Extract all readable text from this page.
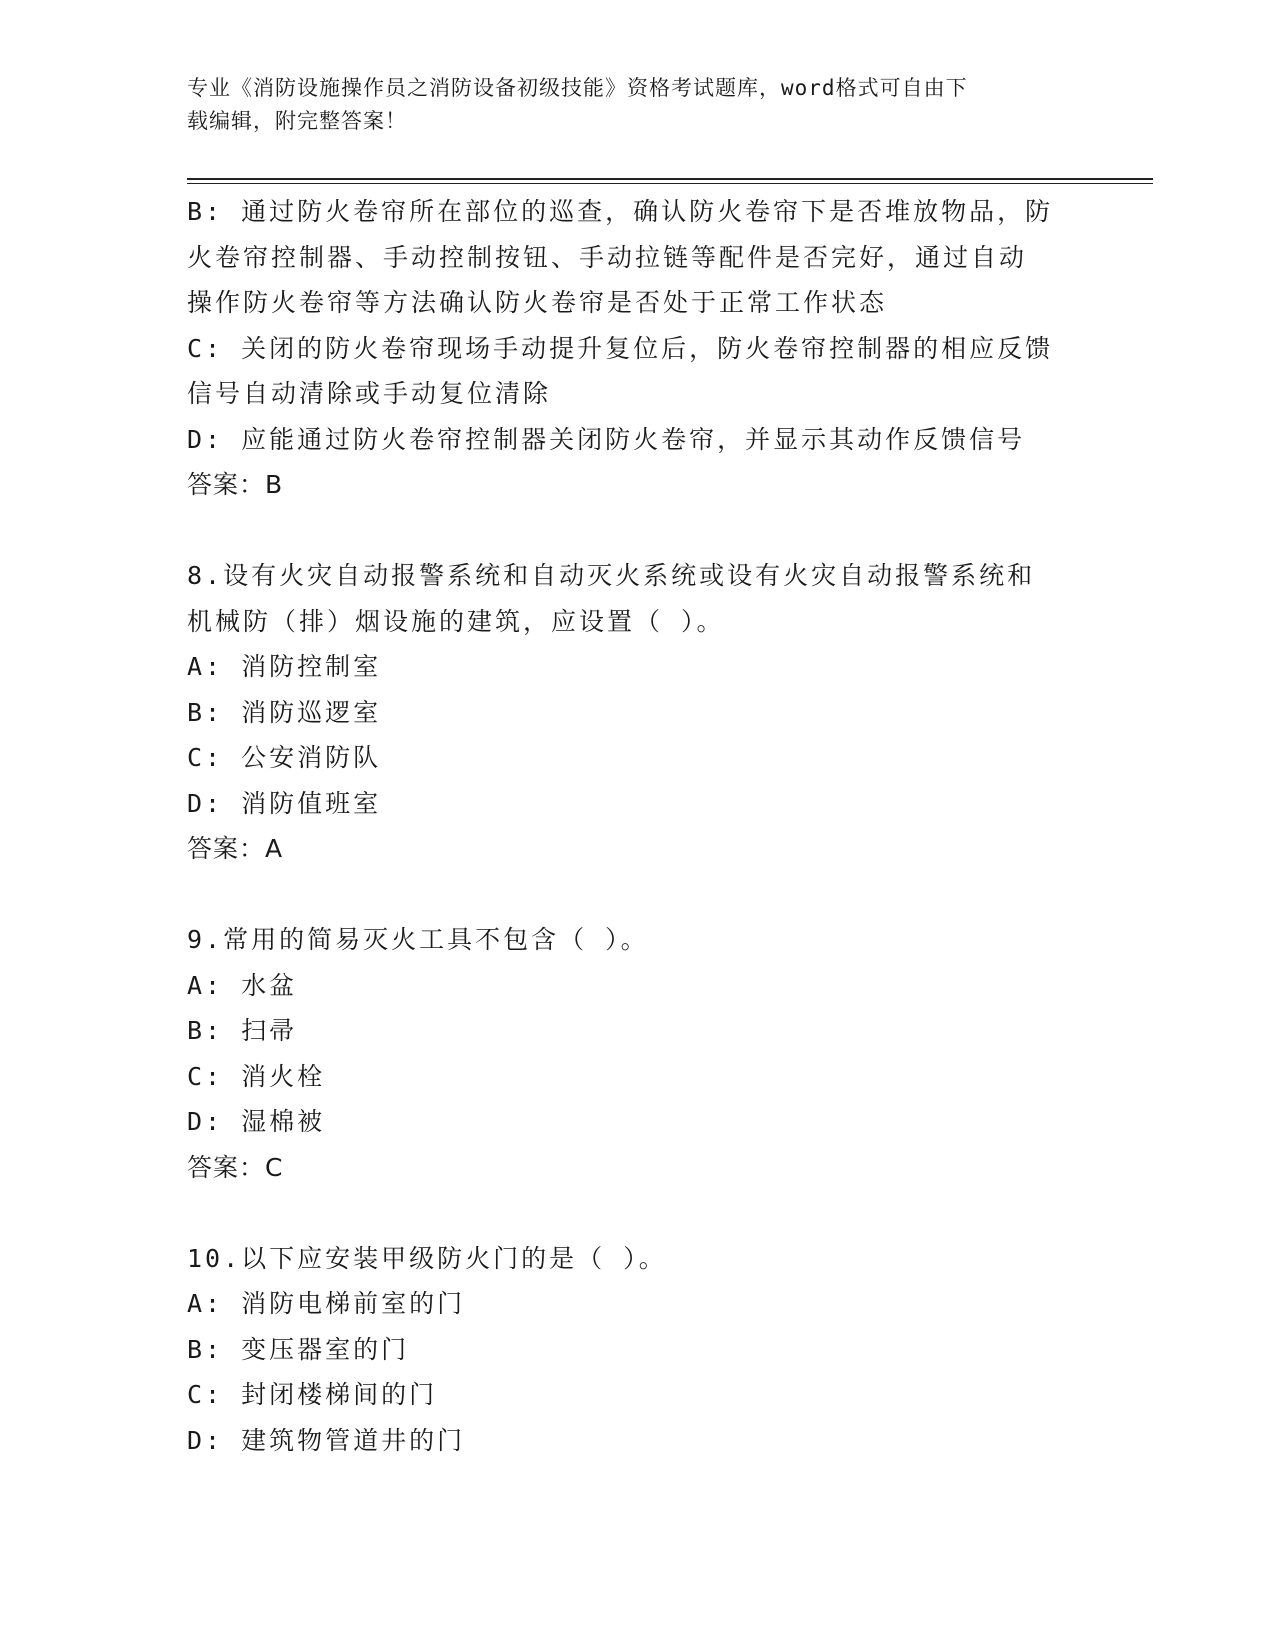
专业《消防设施操作员之消防设备初级技能》资格考试题库，word格式可自由下
载编辑，附完整答案！
B: 通过防火卷帘所在部位的巡查，确认防火卷帘下是否堆放物品，防
火卷帘控制器、手动控制按钮、手动拉链等配件是否完好，通过自动
操作防火卷帘等方法确认防火卷帘是否处于正常工作状态
C: 关闭的防火卷帘现场手动提升复位后，防火卷帘控制器的相应反馈
信号自动清除或手动复位清除
D: 应能通过防火卷帘控制器关闭防火卷帘，并显示其动作反馈信号
答案：B
8.设有火灾自动报警系统和自动灭火系统或设有火灾自动报警系统和
机械防（排）烟设施的建筑，应设置（ ）。
A: 消防控制室
B: 消防巡逻室
C: 公安消防队
D: 消防值班室
答案：A
9.常用的简易灭火工具不包含（ ）。
A: 水盆
B: 扫帚
C: 消火栓
D: 湿棉被
答案：C
10.以下应安装甲级防火门的是（ ）。
A: 消防电梯前室的门
B: 变压器室的门
C: 封闭楼梯间的门
D: 建筑物管道井的门
